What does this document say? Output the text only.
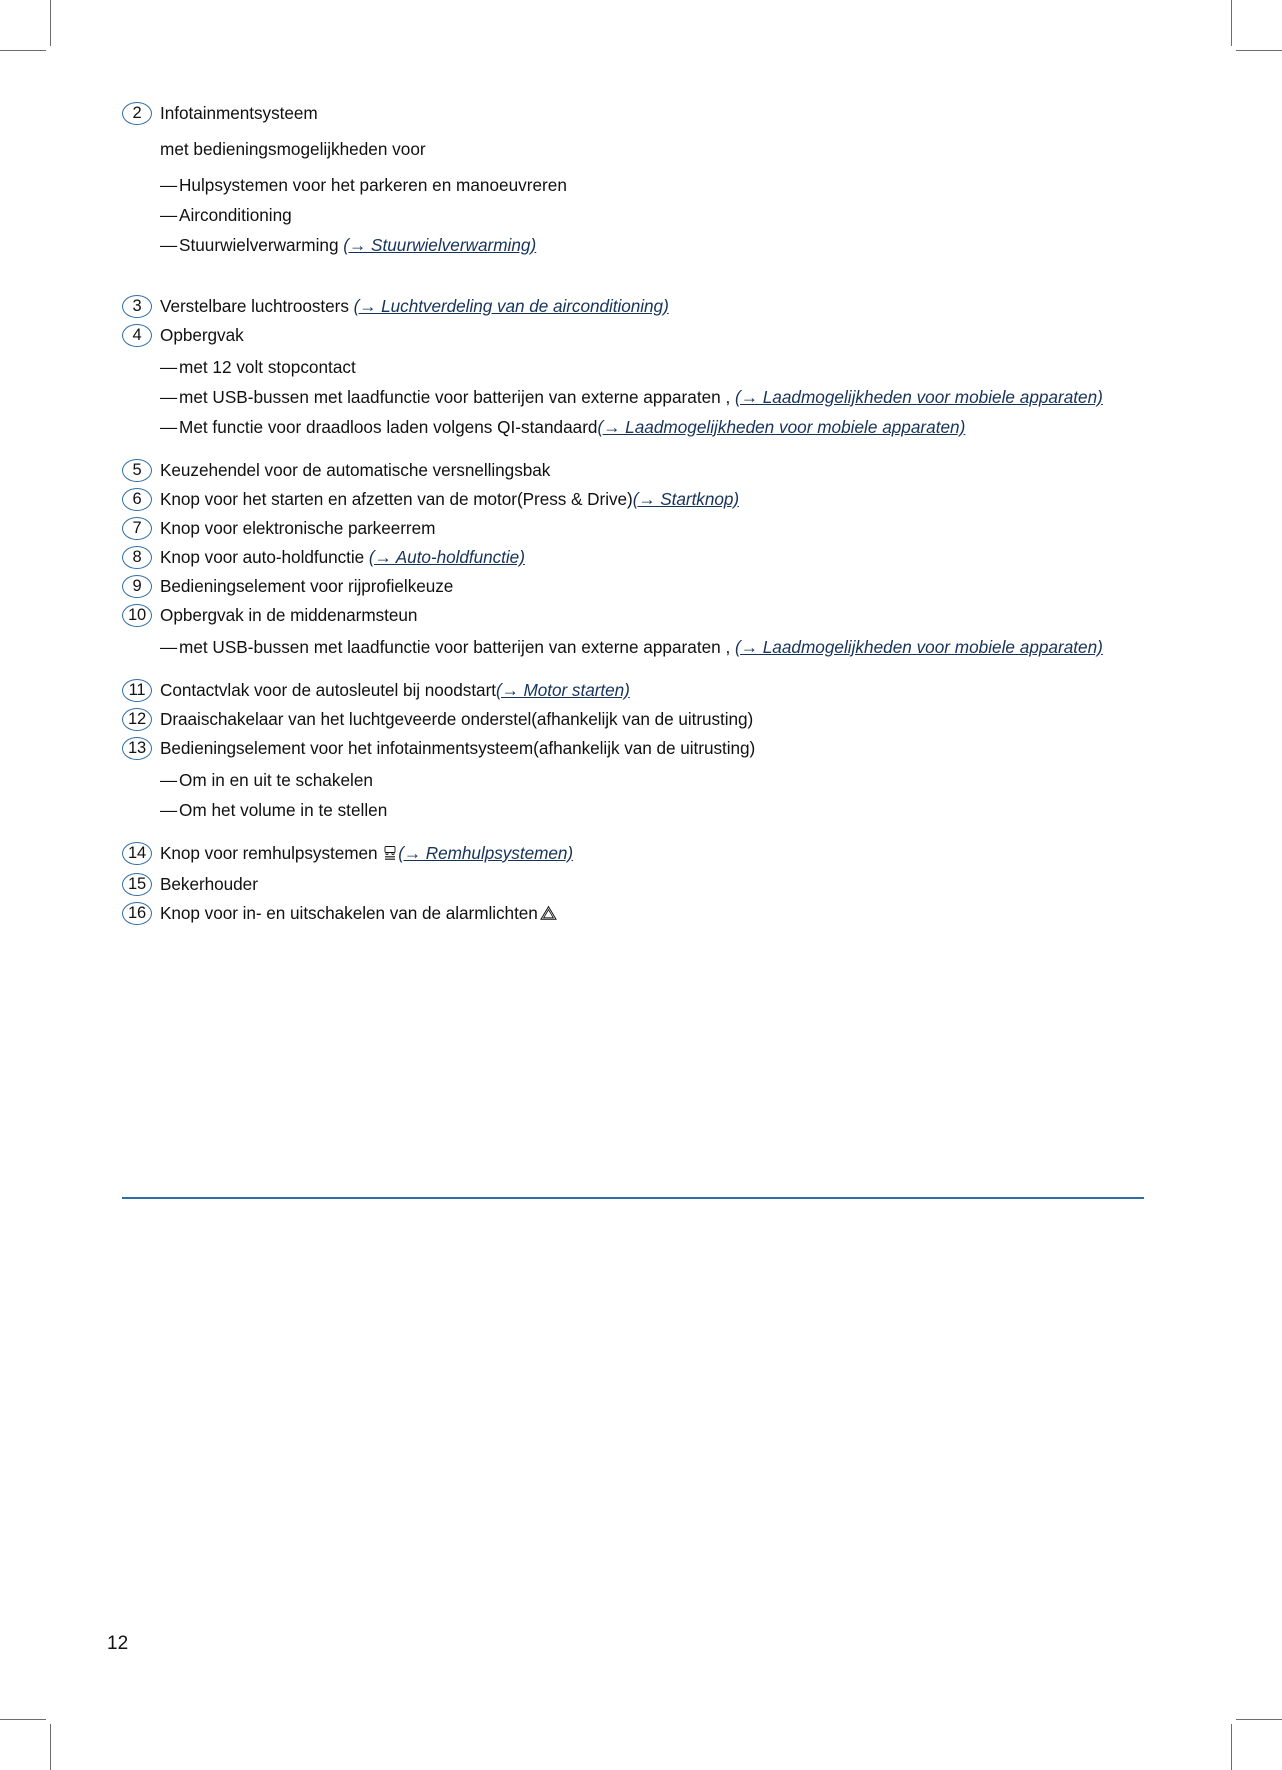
2	Infotainmentsysteem
met bedieningsmogelijkheden voor
— Hulpsystemen voor het parkeren en manoeuvreren
— Airconditioning
— Stuurwielverwarming (→ Stuurwielverwarming)
3	Verstelbare luchtroosters (→ Luchtverdeling van de airconditioning)
4	Opbergvak
— met 12 volt stopcontact
— met USB-bussen met laadfunctie voor batterijen van externe apparaten , (→ Laadmogelijkheden voor mobiele apparaten)
— Met functie voor draadloos laden volgens QI-standaard(→ Laadmogelijkheden voor mobiele apparaten)
5	Keuzehendel voor de automatische versnellingsbak
6	Knop voor het starten en afzetten van de motor(Press & Drive)(→ Startknop)
7	Knop voor elektronische parkeerrem
8	Knop voor auto-holdfunctie (→ Auto-holdfunctie)
9	Bedieningselement voor rijprofielkeuze
10 Opbergvak in de middenarmsteun
— met USB-bussen met laadfunctie voor batterijen van externe apparaten , (→ Laadmogelijkheden voor mobiele apparaten)
11 Contactvlak voor de autosleutel bij noodstart(→ Motor starten)
12 Draaischakelaar van het luchtgeveerde onderstel(afhankelijk van de uitrusting)
13 Bedieningselement voor het infotainmentsysteem(afhankelijk van de uitrusting)
— Om in en uit te schakelen
— Om het volume in te stellen
14 Knop voor remhulpsystemen (→ Remhulpsystemen)
15 Bekerhouder
16 Knop voor in- en uitschakelen van de alarmlichten
12
